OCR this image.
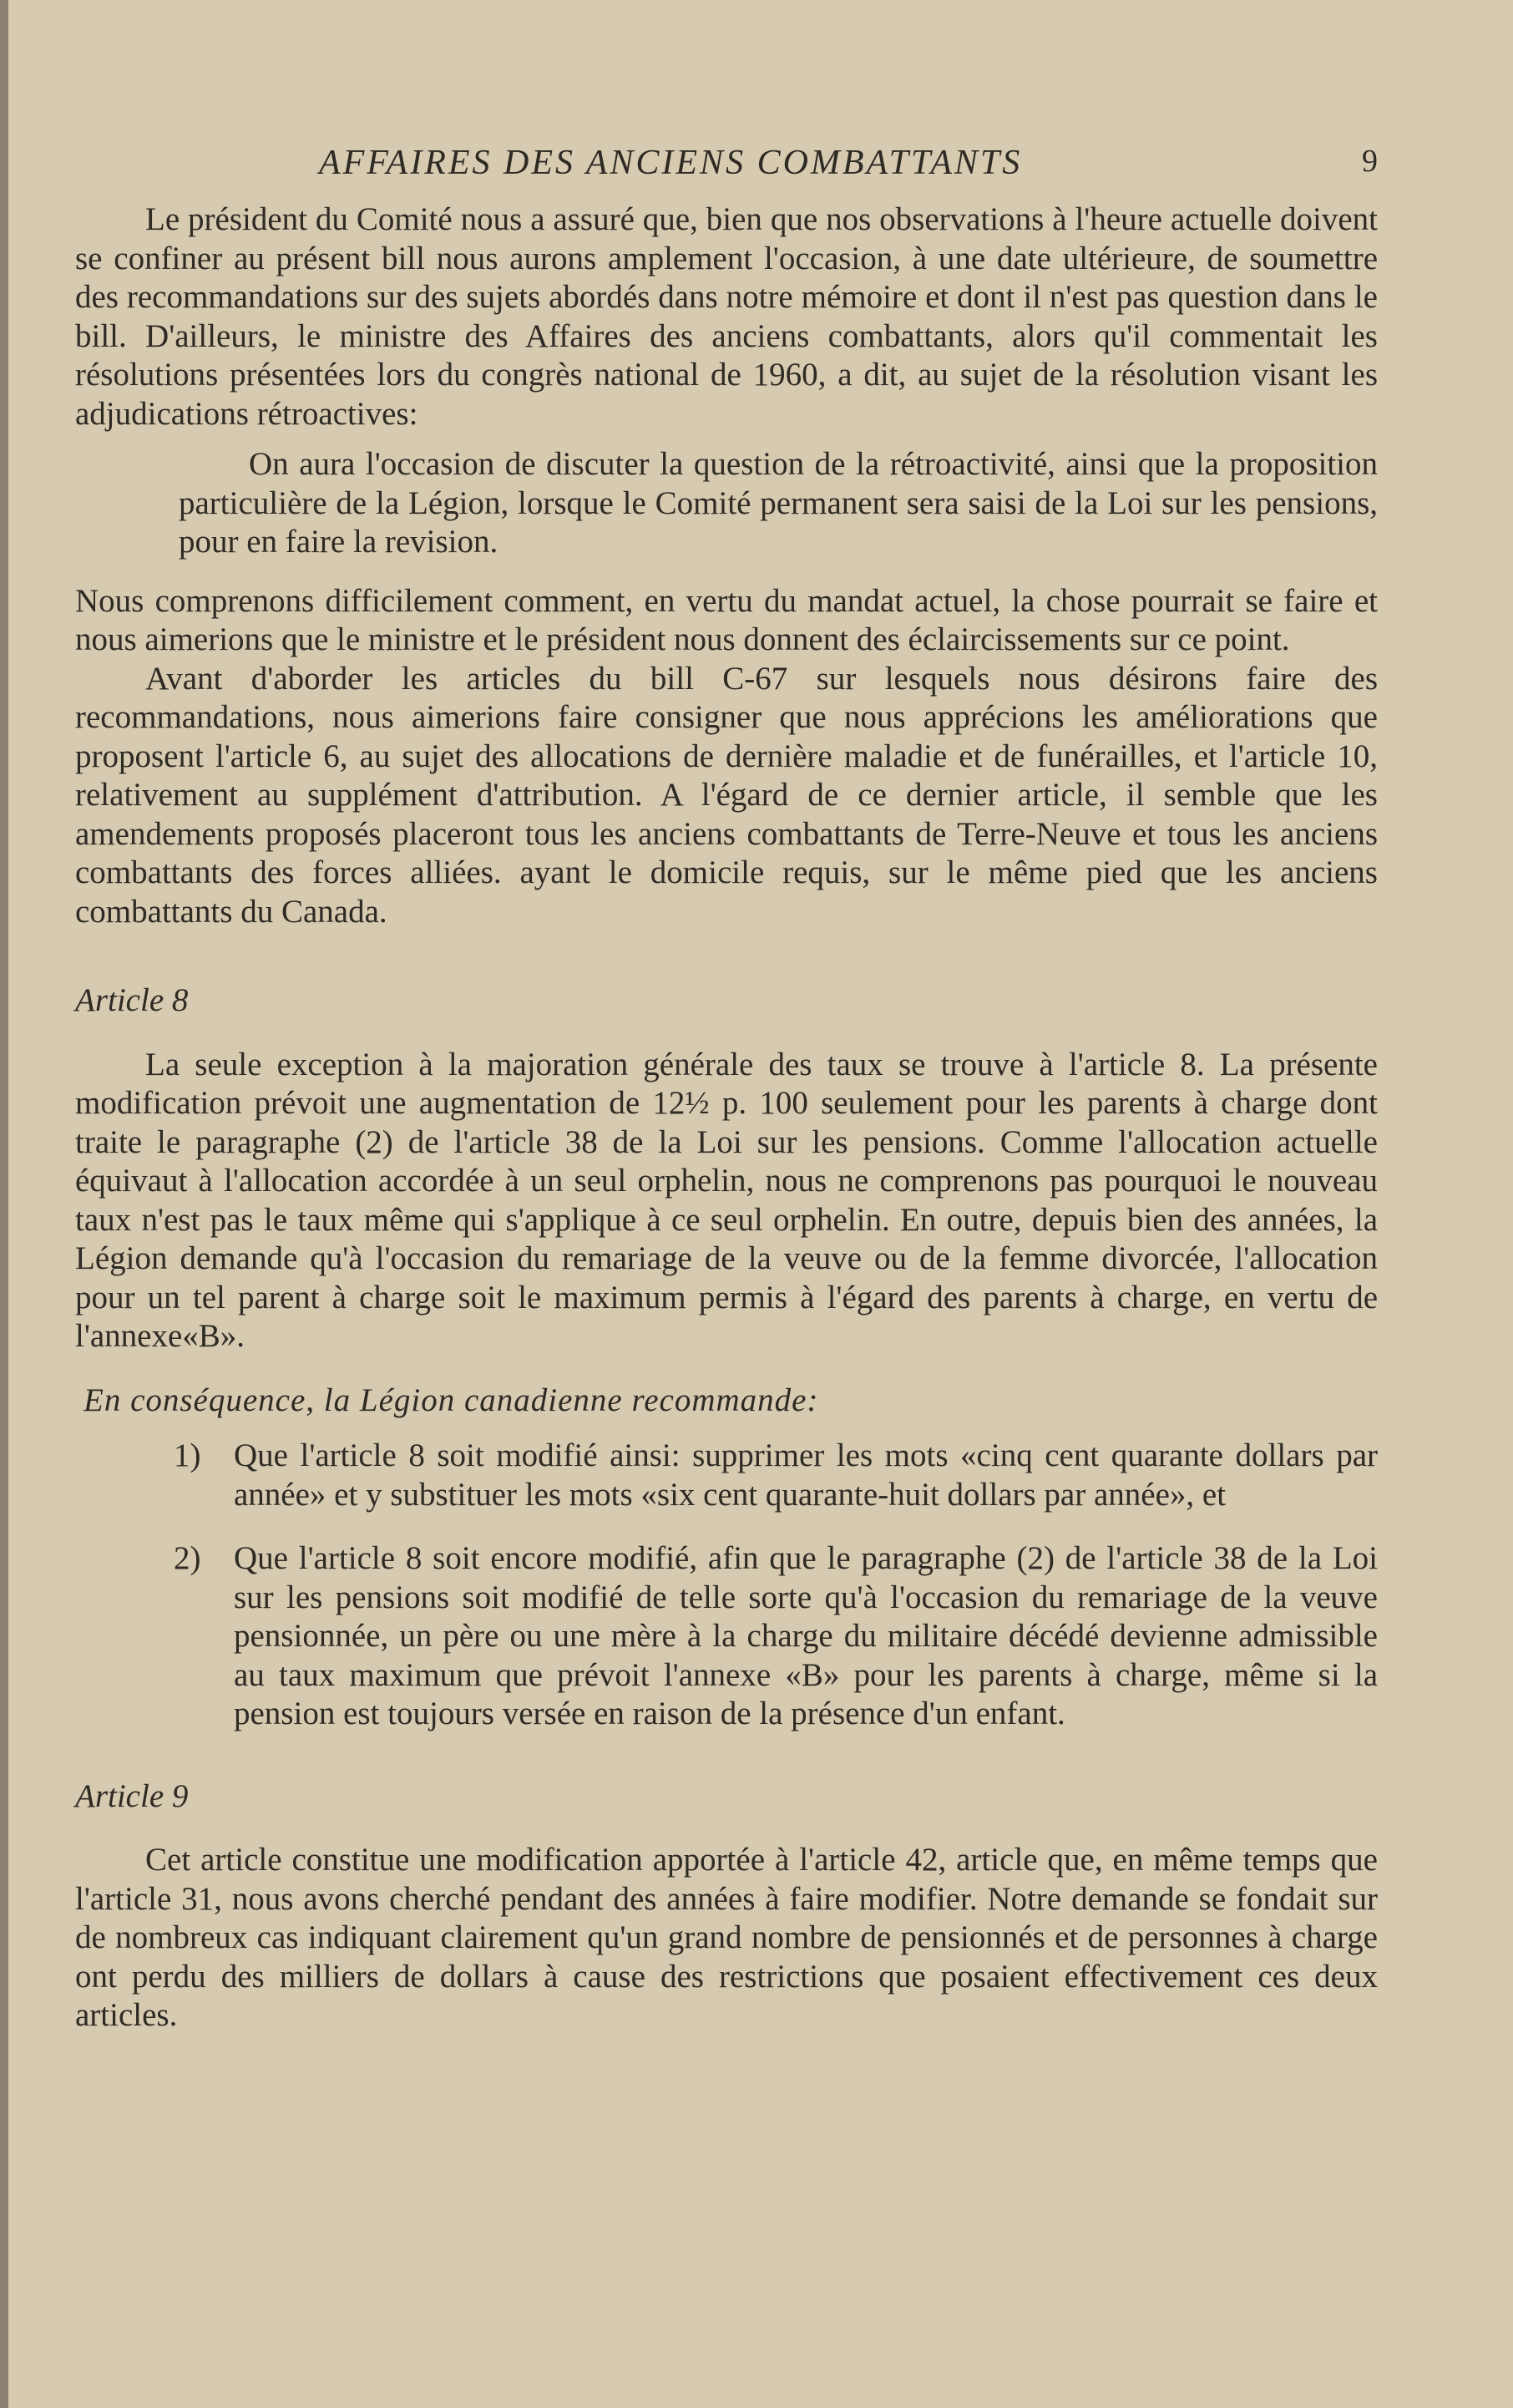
AFFAIRES DES ANCIENS COMBATTANTS	9

Le président du Comité nous a assuré que, bien que nos observations à l'heure actuelle doivent se confiner au présent bill nous aurons amplement l'occasion, à une date ultérieure, de soumettre des recommandations sur des sujets abordés dans notre mémoire et dont il n'est pas question dans le bill. D'ailleurs, le ministre des Affaires des anciens combattants, alors qu'il commentait les résolutions présentées lors du congrès national de 1960, a dit, au sujet de la résolution visant les adjudications rétroactives:

On aura l'occasion de discuter la question de la rétroactivité, ainsi que la proposition particulière de la Légion, lorsque le Comité permanent sera saisi de la Loi sur les pensions, pour en faire la revision.

Nous comprenons difficilement comment, en vertu du mandat actuel, la chose pourrait se faire et nous aimerions que le ministre et le président nous donnent des éclaircissements sur ce point.

Avant d'aborder les articles du bill C-67 sur lesquels nous désirons faire des recommandations, nous aimerions faire consigner que nous apprécions les améliorations que proposent l'article 6, au sujet des allocations de dernière maladie et de funérailles, et l'article 10, relativement au supplément d'attribution. A l'égard de ce dernier article, il semble que les amendements proposés placeront tous les anciens combattants de Terre-Neuve et tous les anciens combattants des forces alliées. ayant le domicile requis, sur le même pied que les anciens combattants du Canada.

Article 8

La seule exception à la majoration générale des taux se trouve à l'article 8. La présente modification prévoit une augmentation de 12½ p. 100 seulement pour les parents à charge dont traite le paragraphe (2) de l'article 38 de la Loi sur les pensions. Comme l'allocation actuelle équivaut à l'allocation accordée à un seul orphelin, nous ne comprenons pas pourquoi le nouveau taux n'est pas le taux même qui s'applique à ce seul orphelin. En outre, depuis bien des années, la Légion demande qu'à l'occasion du remariage de la veuve ou de la femme divorcée, l'allocation pour un tel parent à charge soit le maximum permis à l'égard des parents à charge, en vertu de l'annexe«B».

En conséquence, la Légion canadienne recommande:

1) Que l'article 8 soit modifié ainsi: supprimer les mots «cinq cent quarante dollars par année» et y substituer les mots «six cent quarante-huit dollars par année», et
2) Que l'article 8 soit encore modifié, afin que le paragraphe (2) de l'article 38 de la Loi sur les pensions soit modifié de telle sorte qu'à l'occasion du remariage de la veuve pensionnée, un père ou une mère à la charge du militaire décédé devienne admissible au taux maximum que prévoit l'annexe «B» pour les parents à charge, même si la pension est toujours versée en raison de la présence d'un enfant.

Article 9

Cet article constitue une modification apportée à l'article 42, article que, en même temps que l'article 31, nous avons cherché pendant des années à faire modifier. Notre demande se fondait sur de nombreux cas indiquant clairement qu'un grand nombre de pensionnés et de personnes à charge ont perdu des milliers de dollars à cause des restrictions que posaient effectivement ces deux articles.
